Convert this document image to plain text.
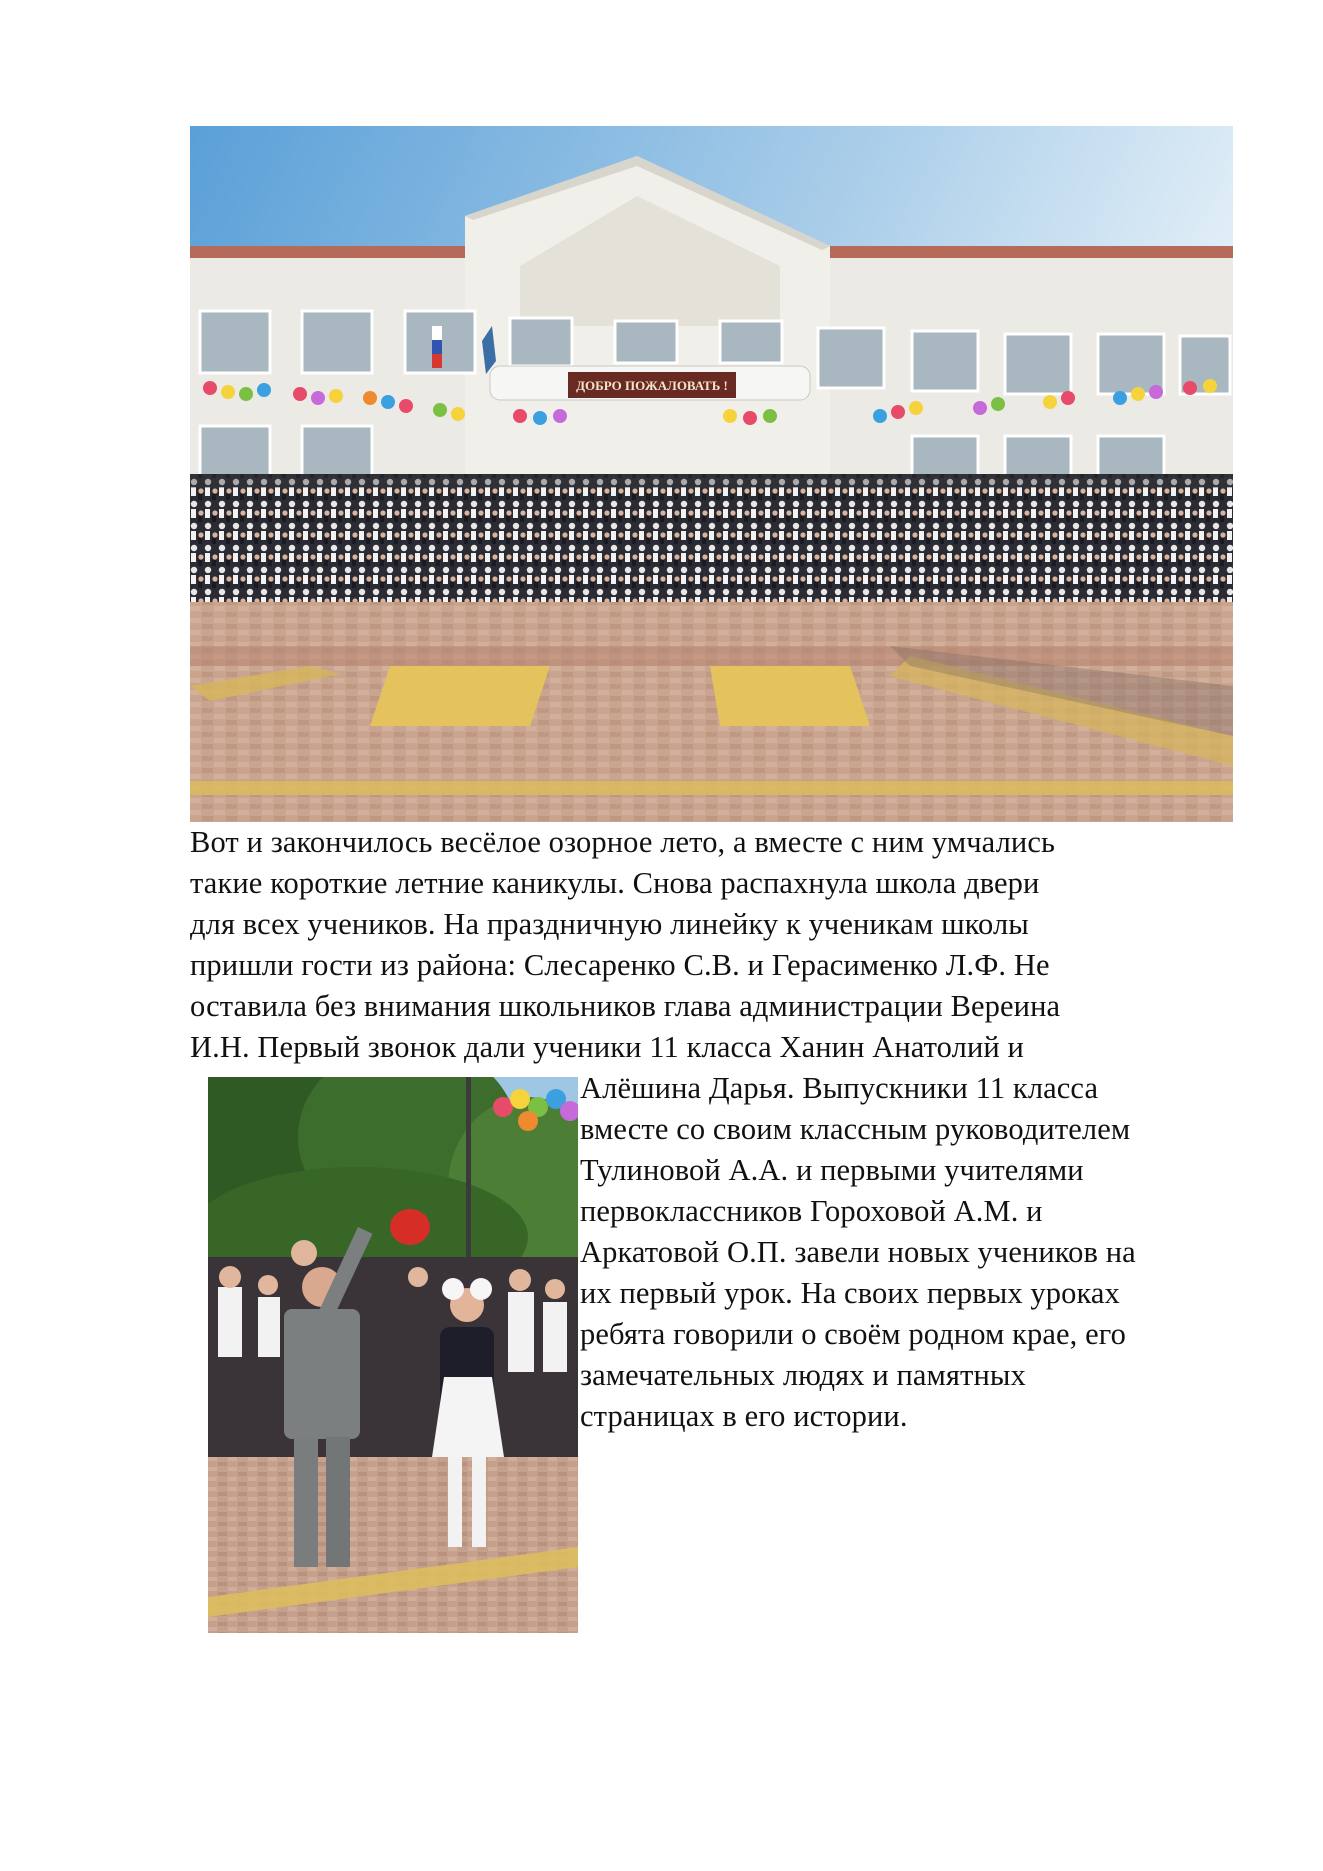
ДОБРО ПОЖАЛОВАТЬ !
Вот и закончилось весёлое озорное лето, а вместе с ним умчались
такие короткие летние каникулы. Снова распахнула школа двери
для всех учеников. На праздничную линейку к ученикам школы
пришли гости из района: Слесаренко С.В. и Герасименко Л.Ф. Не
оставила без внимания школьников глава администрации Вереина
И.Н. Первый звонок дали ученики 11 класса Ханин Анатолий и
Алёшина Дарья. Выпускники 11 класса
вместе со своим классным руководителем
Тулиновой А.А. и первыми учителями
первоклассников Гороховой А.М. и
Аркатовой О.П. завели новых учеников на
их первый урок. На своих первых уроках
ребята говорили о своём родном крае, его
замечательных людях и памятных
страницах в его истории.
